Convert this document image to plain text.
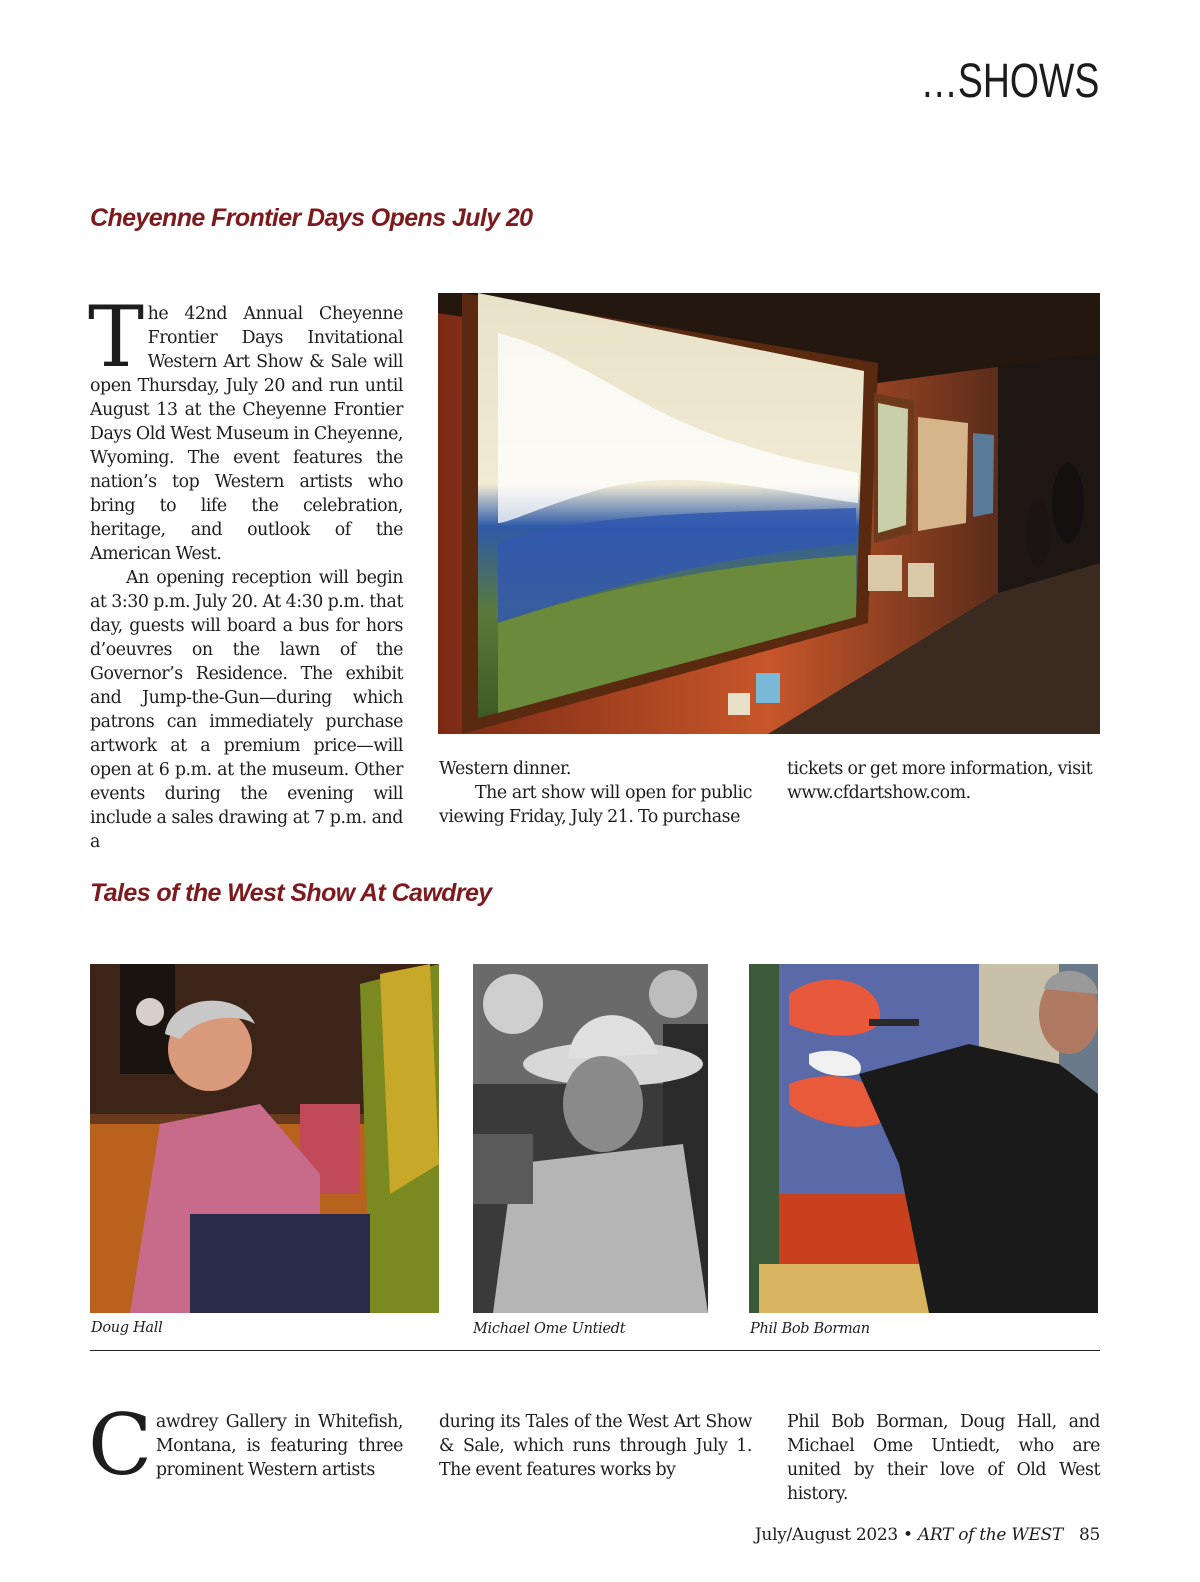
…SHOWS
Cheyenne Frontier Days Opens July 20

The 42nd Annual Cheyenne Frontier Days Invitational Western Art Show & Sale will open Thursday, July 20 and run until August 13 at the Cheyenne Frontier Days Old West Museum in Cheyenne, Wyoming. The event features the nation’s top Western artists who bring to life the celebration, heritage, and outlook of the American West.

An opening reception will begin at 3:30 p.m. July 20. At 4:30 p.m. that day, guests will board a bus for hors d’oeuvres on the lawn of the Governor’s Residence. The exhibit and Jump-the-Gun—during which patrons can immediately purchase artwork at a premium price—will open at 6 p.m. at the museum. Other events during the evening will include a sales drawing at 7 p.m. and a

Western dinner.

The art show will open for public viewing Friday, July 21. To purchase

tickets or get more information, visit www.cfdartshow.com.

Tales of the West Show At Cawdrey
Doug Hall	Michael Ome Untiedt	Phil Bob Borman

Cawdrey Gallery in Whitefish, Montana, is featuring three prominent Western artists

during its Tales of the West Art Show & Sale, which runs through July 1. The event features works by

Phil Bob Borman, Doug Hall, and Michael Ome Untiedt, who are united by their love of Old West history.

July/August 2023 • ART of the WEST 85
